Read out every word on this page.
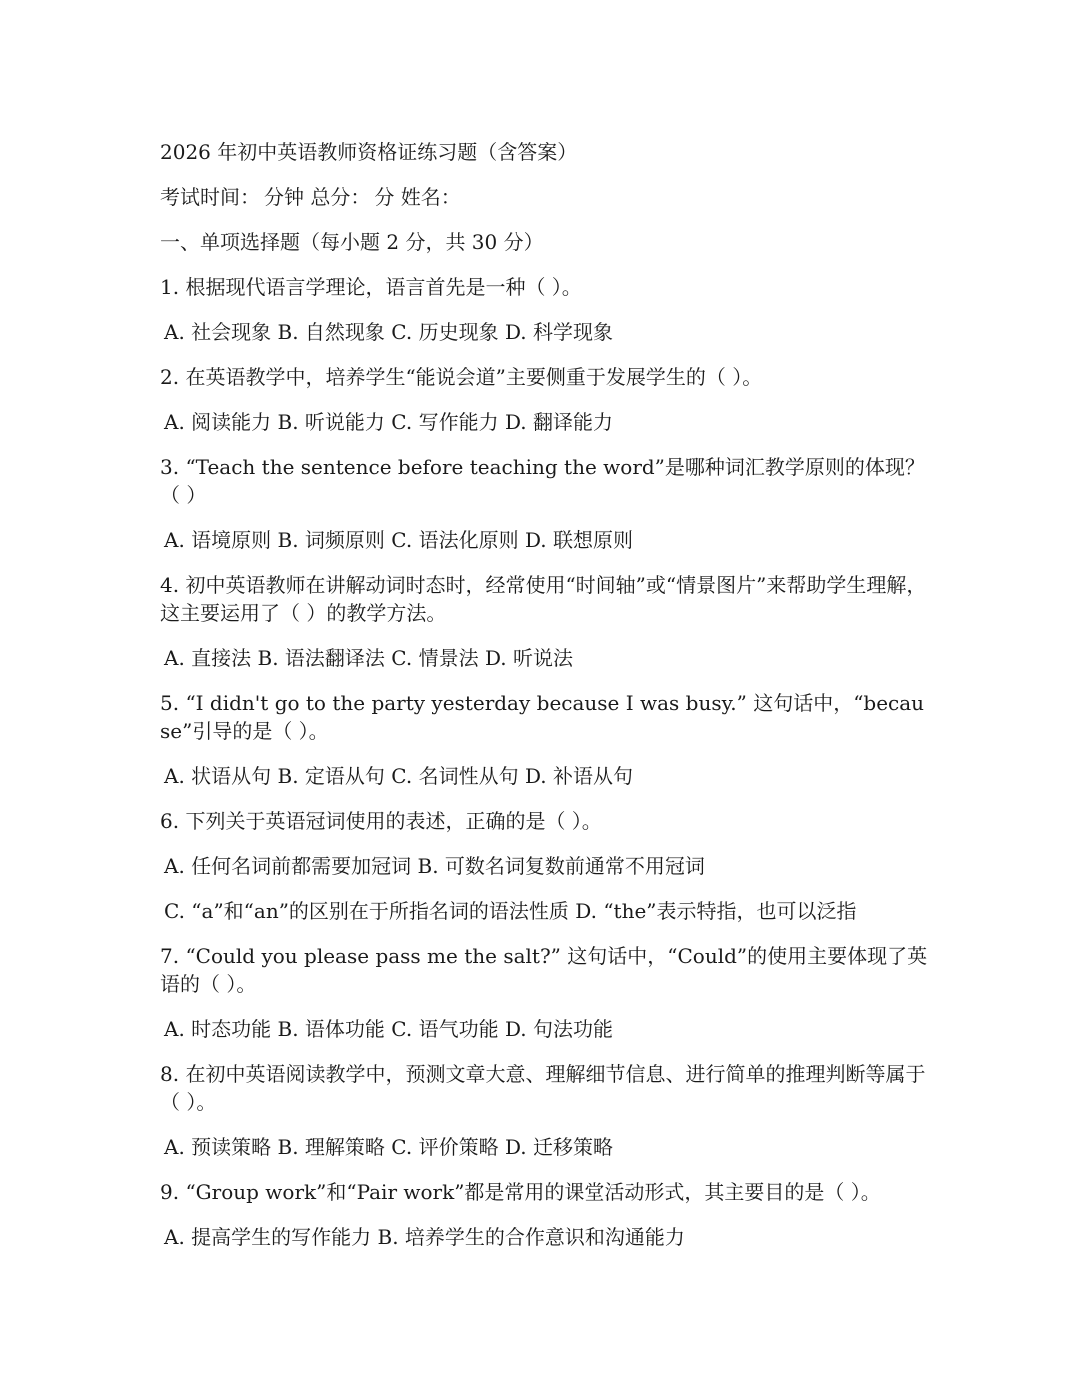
2026 年初中英语教师资格证练习题（含答案）
考试时间： 分钟 总分： 分 姓名：
一、单项选择题（每小题 2 分，共 30 分）
1. 根据现代语言学理论，语言首先是一种（ ）。
A. 社会现象 B. 自然现象 C. 历史现象 D. 科学现象
2. 在英语教学中，培养学生“能说会道”主要侧重于发展学生的（ ）。
A. 阅读能力 B. 听说能力 C. 写作能力 D. 翻译能力
3. “Teach the sentence before teaching the word”是哪种词汇教学原则的体现？（ ）
A. 语境原则 B. 词频原则 C. 语法化原则 D. 联想原则
4. 初中英语教师在讲解动词时态时，经常使用“时间轴”或“情景图片”来帮助学生理解，这主要运用了（ ）的教学方法。
A. 直接法 B. 语法翻译法 C. 情景法 D. 听说法
5. “I didn't go to the party yesterday because I was busy.” 这句话中，“because”引导的是（ ）。
A. 状语从句 B. 定语从句 C. 名词性从句 D. 补语从句
6. 下列关于英语冠词使用的表述，正确的是（ ）。
A. 任何名词前都需要加冠词 B. 可数名词复数前通常不用冠词
C. “a”和“an”的区别在于所指名词的语法性质 D. “the”表示特指，也可以泛指
7. “Could you please pass me the salt?” 这句话中，“Could”的使用主要体现了英语的（ ）。
A. 时态功能 B. 语体功能 C. 语气功能 D. 句法功能
8. 在初中英语阅读教学中，预测文章大意、理解细节信息、进行简单的推理判断等属于（ ）。
A. 预读策略 B. 理解策略 C. 评价策略 D. 迁移策略
9. “Group work”和“Pair work”都是常用的课堂活动形式，其主要目的是（ ）。
A. 提高学生的写作能力 B. 培养学生的合作意识和沟通能力
